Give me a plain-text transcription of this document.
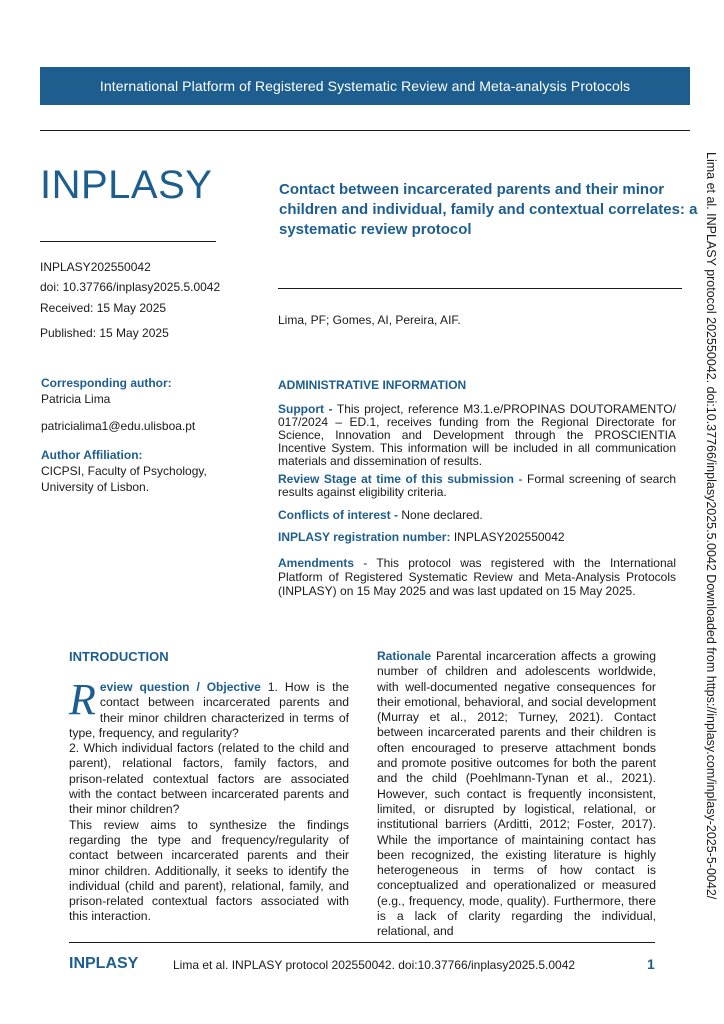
International Platform of Registered Systematic Review and Meta-analysis Protocols
INPLASY
INPLASY202550042
doi: 10.37766/inplasy2025.5.0042
Received: 15 May 2025
Published: 15 May 2025
Corresponding author:
Patricia Lima
patricialima1@edu.ulisboa.pt
Author Affiliation:
CICPSI, Faculty of Psychology, University of Lisbon.
Contact between incarcerated parents and their minor children and individual, family and contextual correlates: a systematic review protocol
Lima, PF; Gomes, AI, Pereira, AIF.
ADMINISTRATIVE INFORMATION
Support - This project, reference M3.1.e/PROPINAS DOUTORAMENTO/ 017/2024 – ED.1, receives funding from the Regional Directorate for Science, Innovation and Development through the PROSCIENTIA Incentive System. This information will be included in all communication materials and dissemination of results.
Review Stage at time of this submission - Formal screening of search results against eligibility criteria.
Conflicts of interest - None declared.
INPLASY registration number: INPLASY202550042
Amendments - This protocol was registered with the International Platform of Registered Systematic Review and Meta-Analysis Protocols (INPLASY) on 15 May 2025 and was last updated on 15 May 2025.	Lima et al. INPLASY protocol 202550042. doi:10.37766/inplasy2025.5.0042 Downloaded from https://inplasy.com/inplasy-2025-5-0042/
INTRODUCTION
R eview question / Objective 1. How is the contact between incarcerated parents and their minor children characterized in terms of type, frequency, and regularity?
2. Which individual factors (related to the child and parent), relational factors, family factors, and prison-related contextual factors are associated with the contact between incarcerated parents and their minor children?
This review aims to synthesize the findings regarding the type and frequency/regularity of contact between incarcerated parents and their minor children. Additionally, it seeks to identify the individual (child and parent), relational, family, and prison-related contextual factors associated with this interaction.
Rationale Parental incarceration affects a growing number of children and adolescents worldwide, with well-documented negative consequences for their emotional, behavioral, and social development (Murray et al., 2012; Turney, 2021). Contact between incarcerated parents and their children is often encouraged to preserve attachment bonds and promote positive outcomes for both the parent and the child (Poehlmann-Tynan et al., 2021). However, such contact is frequently inconsistent, limited, or disrupted by logistical, relational, or institutional barriers (Arditti, 2012; Foster, 2017). While the importance of maintaining contact has been recognized, the existing literature is highly heterogeneous in terms of how contact is conceptualized and operationalized or measured (e.g., frequency, mode, quality). Furthermore, there is a lack of clarity regarding the individual, relational, and
INPLASY	Lima et al. INPLASY protocol 202550042. doi:10.37766/inplasy2025.5.0042	1
